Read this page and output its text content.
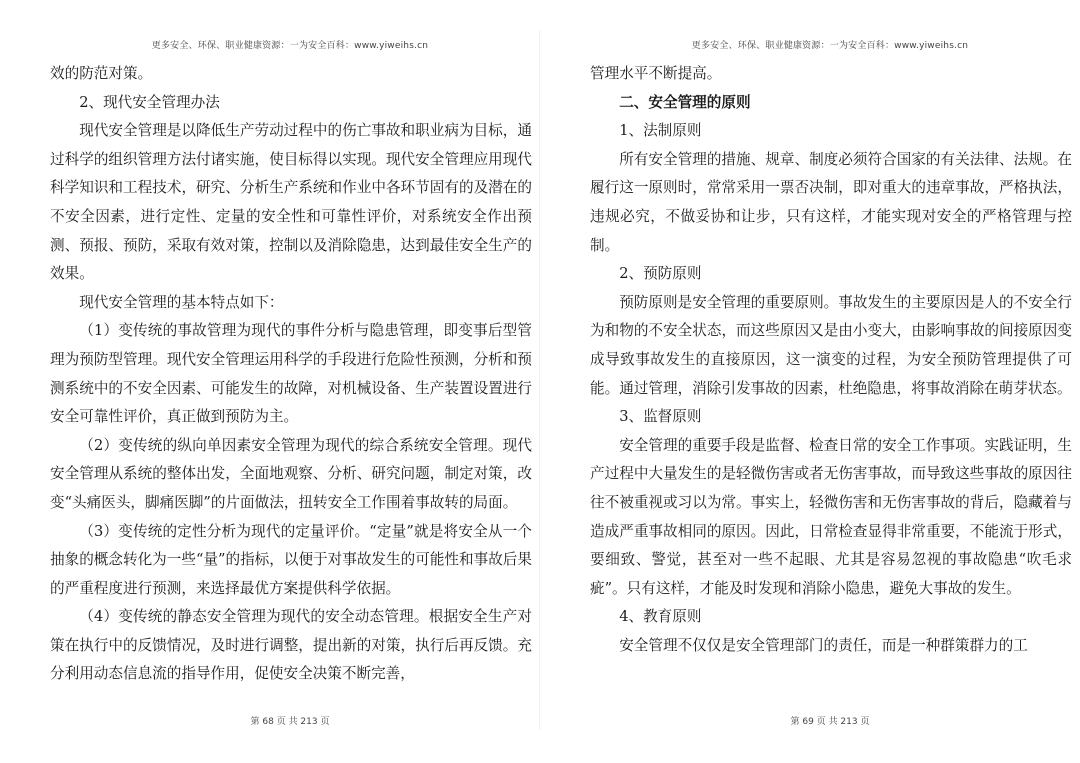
更多安全、环保、职业健康资源：一为安全百科：www.yiweihs.cn

效的防范对策。

2、现代安全管理办法

现代安全管理是以降低生产劳动过程中的伤亡事故和职业病为目标，通过科学的组织管理方法付诸实施，使目标得以实现。现代安全管理应用现代科学知识和工程技术，研究、分析生产系统和作业中各环节固有的及潜在的不安全因素，进行定性、定量的安全性和可靠性评价，对系统安全作出预测、预报、预防，采取有效对策，控制以及消除隐患，达到最佳安全生产的效果。

现代安全管理的基本特点如下：

（1）变传统的事故管理为现代的事件分析与隐患管理，即变事后型管理为预防型管理。现代安全管理运用科学的手段进行危险性预测，分析和预测系统中的不安全因素、可能发生的故障，对机械设备、生产装置设置进行安全可靠性评价，真正做到预防为主。

（2）变传统的纵向单因素安全管理为现代的综合系统安全管理。现代安全管理从系统的整体出发，全面地观察、分析、研究问题，制定对策，改变“头痛医头，脚痛医脚”的片面做法，扭转安全工作围着事故转的局面。

（3）变传统的定性分析为现代的定量评价。“定量”就是将安全从一个抽象的概念转化为一些“量”的指标，以便于对事故发生的可能性和事故后果的严重程度进行预测，来选择最优方案提供科学依据。

（4）变传统的静态安全管理为现代的安全动态管理。根据安全生产对策在执行中的反馈情况，及时进行调整，提出新的对策，执行后再反馈。充分利用动态信息流的指导作用，促使安全决策不断完善，

第 68 页 共 213 页
更多安全、环保、职业健康资源：一为安全百科：www.yiweihs.cn

管理水平不断提高。

二、安全管理的原则

1、法制原则

所有安全管理的措施、规章、制度必须符合国家的有关法律、法规。在履行这一原则时，常常采用一票否决制，即对重大的违章事故，严格执法，违规必究，不做妥协和让步，只有这样，才能实现对安全的严格管理与控制。

2、预防原则

预防原则是安全管理的重要原则。事故发生的主要原因是人的不安全行为和物的不安全状态，而这些原因又是由小变大，由影响事故的间接原因变成导致事故发生的直接原因，这一演变的过程，为安全预防管理提供了可能。通过管理，消除引发事故的因素，杜绝隐患，将事故消除在萌芽状态。

3、监督原则

安全管理的重要手段是监督、检查日常的安全工作事项。实践证明，生产过程中大量发生的是轻微伤害或者无伤害事故，而导致这些事故的原因往往不被重视或习以为常。事实上，轻微伤害和无伤害事故的背后，隐藏着与造成严重事故相同的原因。因此，日常检查显得非常重要，不能流于形式，要细致、警觉，甚至对一些不起眼、尤其是容易忽视的事故隐患“吹毛求疵”。只有这样，才能及时发现和消除小隐患，避免大事故的发生。

4、教育原则

安全管理不仅仅是安全管理部门的责任，而是一种群策群力的工

第 69 页 共 213 页
